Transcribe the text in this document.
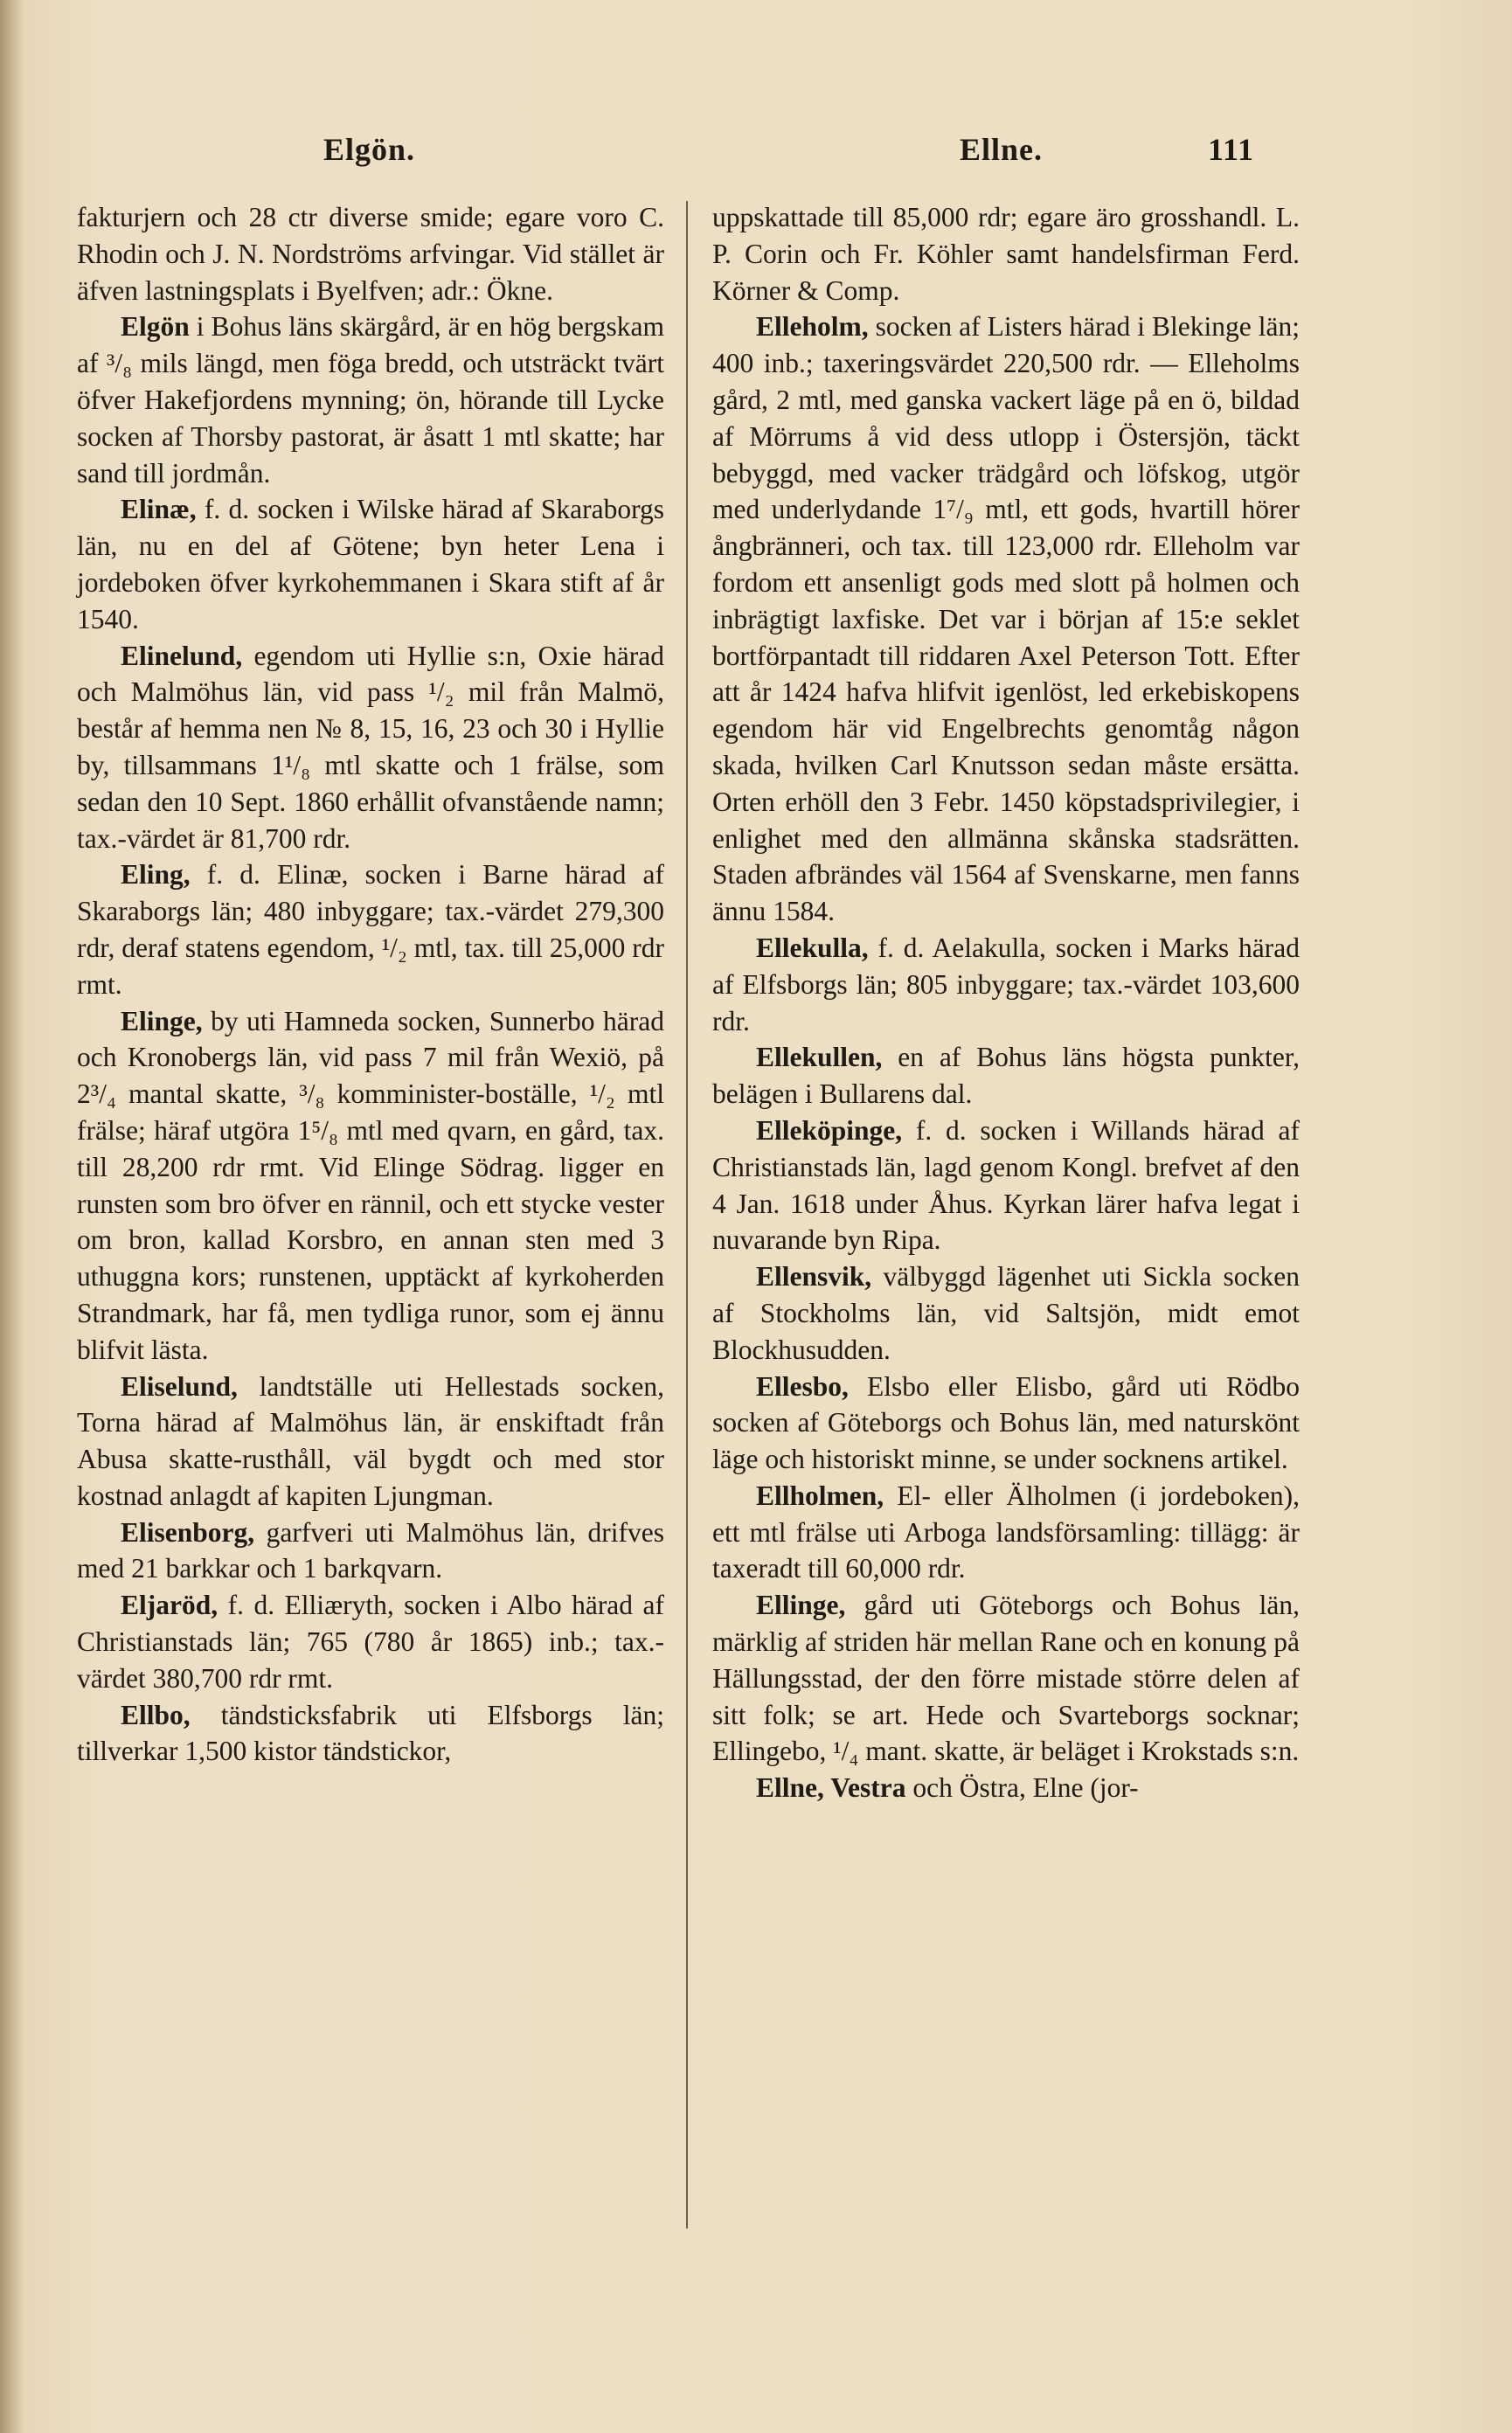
Elgön.	Ellne.	111

fakturjern och 28 ctr diverse smide; egare voro C. Rhodin och J. N. Nordströms arfvingar. Vid stället är äfven lastningsplats i Byelfven; adr.: Ökne.

Elgön i Bohus läns skärgård, är en hög bergskam af ³/₈ mils längd, men föga bredd, och utsträckt tvärt öfver Hakefjordens mynning; ön, hörande till Lycke socken af Thorsby pastorat, är åsatt 1 mtl skatte; har sand till jordmån.

Elinæ, f. d. socken i Wilske härad af Skaraborgs län, nu en del af Götene; byn heter Lena i jordeboken öfver kyrkohemmanen i Skara stift af år 1540.

Elinelund, egendom uti Hyllie s:n, Oxie härad och Malmöhus län, vid pass ¹/₂ mil från Malmö, består af hemma nen № 8, 15, 16, 23 och 30 i Hyllie by, tillsammans 1¹/₈ mtl skatte och 1 frälse, som sedan den 10 Sept. 1860 erhållit ofvanstående namn; tax.-värdet är 81,700 rdr.

Eling, f. d. Elinæ, socken i Barne härad af Skaraborgs län; 480 inbyggare; tax.-värdet 279,300 rdr, deraf statens egendom, ¹/₂ mtl, tax. till 25,000 rdr rmt.

Elinge, by uti Hamneda socken, Sunnerbo härad och Kronobergs län, vid pass 7 mil från Wexiö, på 2³/₄ mantal skatte, ³/₈ komminister-boställe, ¹/₂ mtl frälse; häraf utgöra 1⁵/₈ mtl med qvarn, en gård, tax. till 28,200 rdr rmt. Vid Elinge Södrag. ligger en runsten som bro öfver en rännil, och ett stycke vester om bron, kallad Korsbro, en annan sten med 3 uthuggna kors; runstenen, upptäckt af kyrkoherden Strandmark, har få, men tydliga runor, som ej ännu blifvit lästa.

Eliselund, landtställe uti Hellestads socken, Torna härad af Malmöhus län, är enskiftadt från Abusa skatte-rusthåll, väl bygdt och med stor kostnad anlagdt af kapiten Ljungman.

Elisenborg, garfveri uti Malmöhus län, drifves med 21 barkkar och 1 barkqvarn.

Eljaröd, f. d. Elliæryth, socken i Albo härad af Christianstads län; 765 (780 år 1865) inb.; tax.-värdet 380,700 rdr rmt.

Ellbo, tändsticksfabrik uti Elfsborgs län; tillverkar 1,500 kistor tändstickor,

uppskattade till 85,000 rdr; egare äro grosshandl. L. P. Corin och Fr. Köhler samt handelsfirman Ferd. Körner & Comp.

Elleholm, socken af Listers härad i Blekinge län; 400 inb.; taxeringsvärdet 220,500 rdr. — Elleholms gård, 2 mtl, med ganska vackert läge på en ö, bildad af Mörrums å vid dess utlopp i Östersjön, täckt bebyggd, med vacker trädgård och löfskog, utgör med underlydande 1⁷/₉ mtl, ett gods, hvartill hörer ångbränneri, och tax. till 123,000 rdr. Elleholm var fordom ett ansenligt gods med slott på holmen och inbrägtigt laxfiske. Det var i början af 15:e seklet bortförpantadt till riddaren Axel Peterson Tott. Efter att år 1424 hafva hlifvit igenlöst, led erkebiskopens egendom här vid Engelbrechts genomtåg någon skada, hvilken Carl Knutsson sedan måste ersätta. Orten erhöll den 3 Febr. 1450 köpstadsprivilegier, i enlighet med den allmänna skånska stadsrätten. Staden afbrändes väl 1564 af Svenskarne, men fanns ännu 1584.

Ellekulla, f. d. Aelakulla, socken i Marks härad af Elfsborgs län; 805 inbyggare; tax.-värdet 103,600 rdr.

Ellekullen, en af Bohus läns högsta punkter, belägen i Bullarens dal.

Elleköpinge, f. d. socken i Willands härad af Christianstads län, lagd genom Kongl. brefvet af den 4 Jan. 1618 under Åhus. Kyrkan lärer hafva legat i nuvarande byn Ripa.

Ellensvik, välbyggd lägenhet uti Sickla socken af Stockholms län, vid Saltsjön, midt emot Blockhusudden.

Ellesbo, Elsbo eller Elisbo, gård uti Rödbo socken af Göteborgs och Bohus län, med naturskönt läge och historiskt minne, se under socknens artikel.

Ellholmen, El- eller Älholmen (i jordeboken), ett mtl frälse uti Arboga landsförsamling: tillägg: är taxeradt till 60,000 rdr.

Ellinge, gård uti Göteborgs och Bohus län, märklig af striden här mellan Rane och en konung på Hällungsstad, der den förre mistade större delen af sitt folk; se art. Hede och Svarteborgs socknar; Ellingebo, ¹/₄ mant. skatte, är beläget i Krokstads s:n.

Ellne, Vestra och Östra, Elne (jor-
